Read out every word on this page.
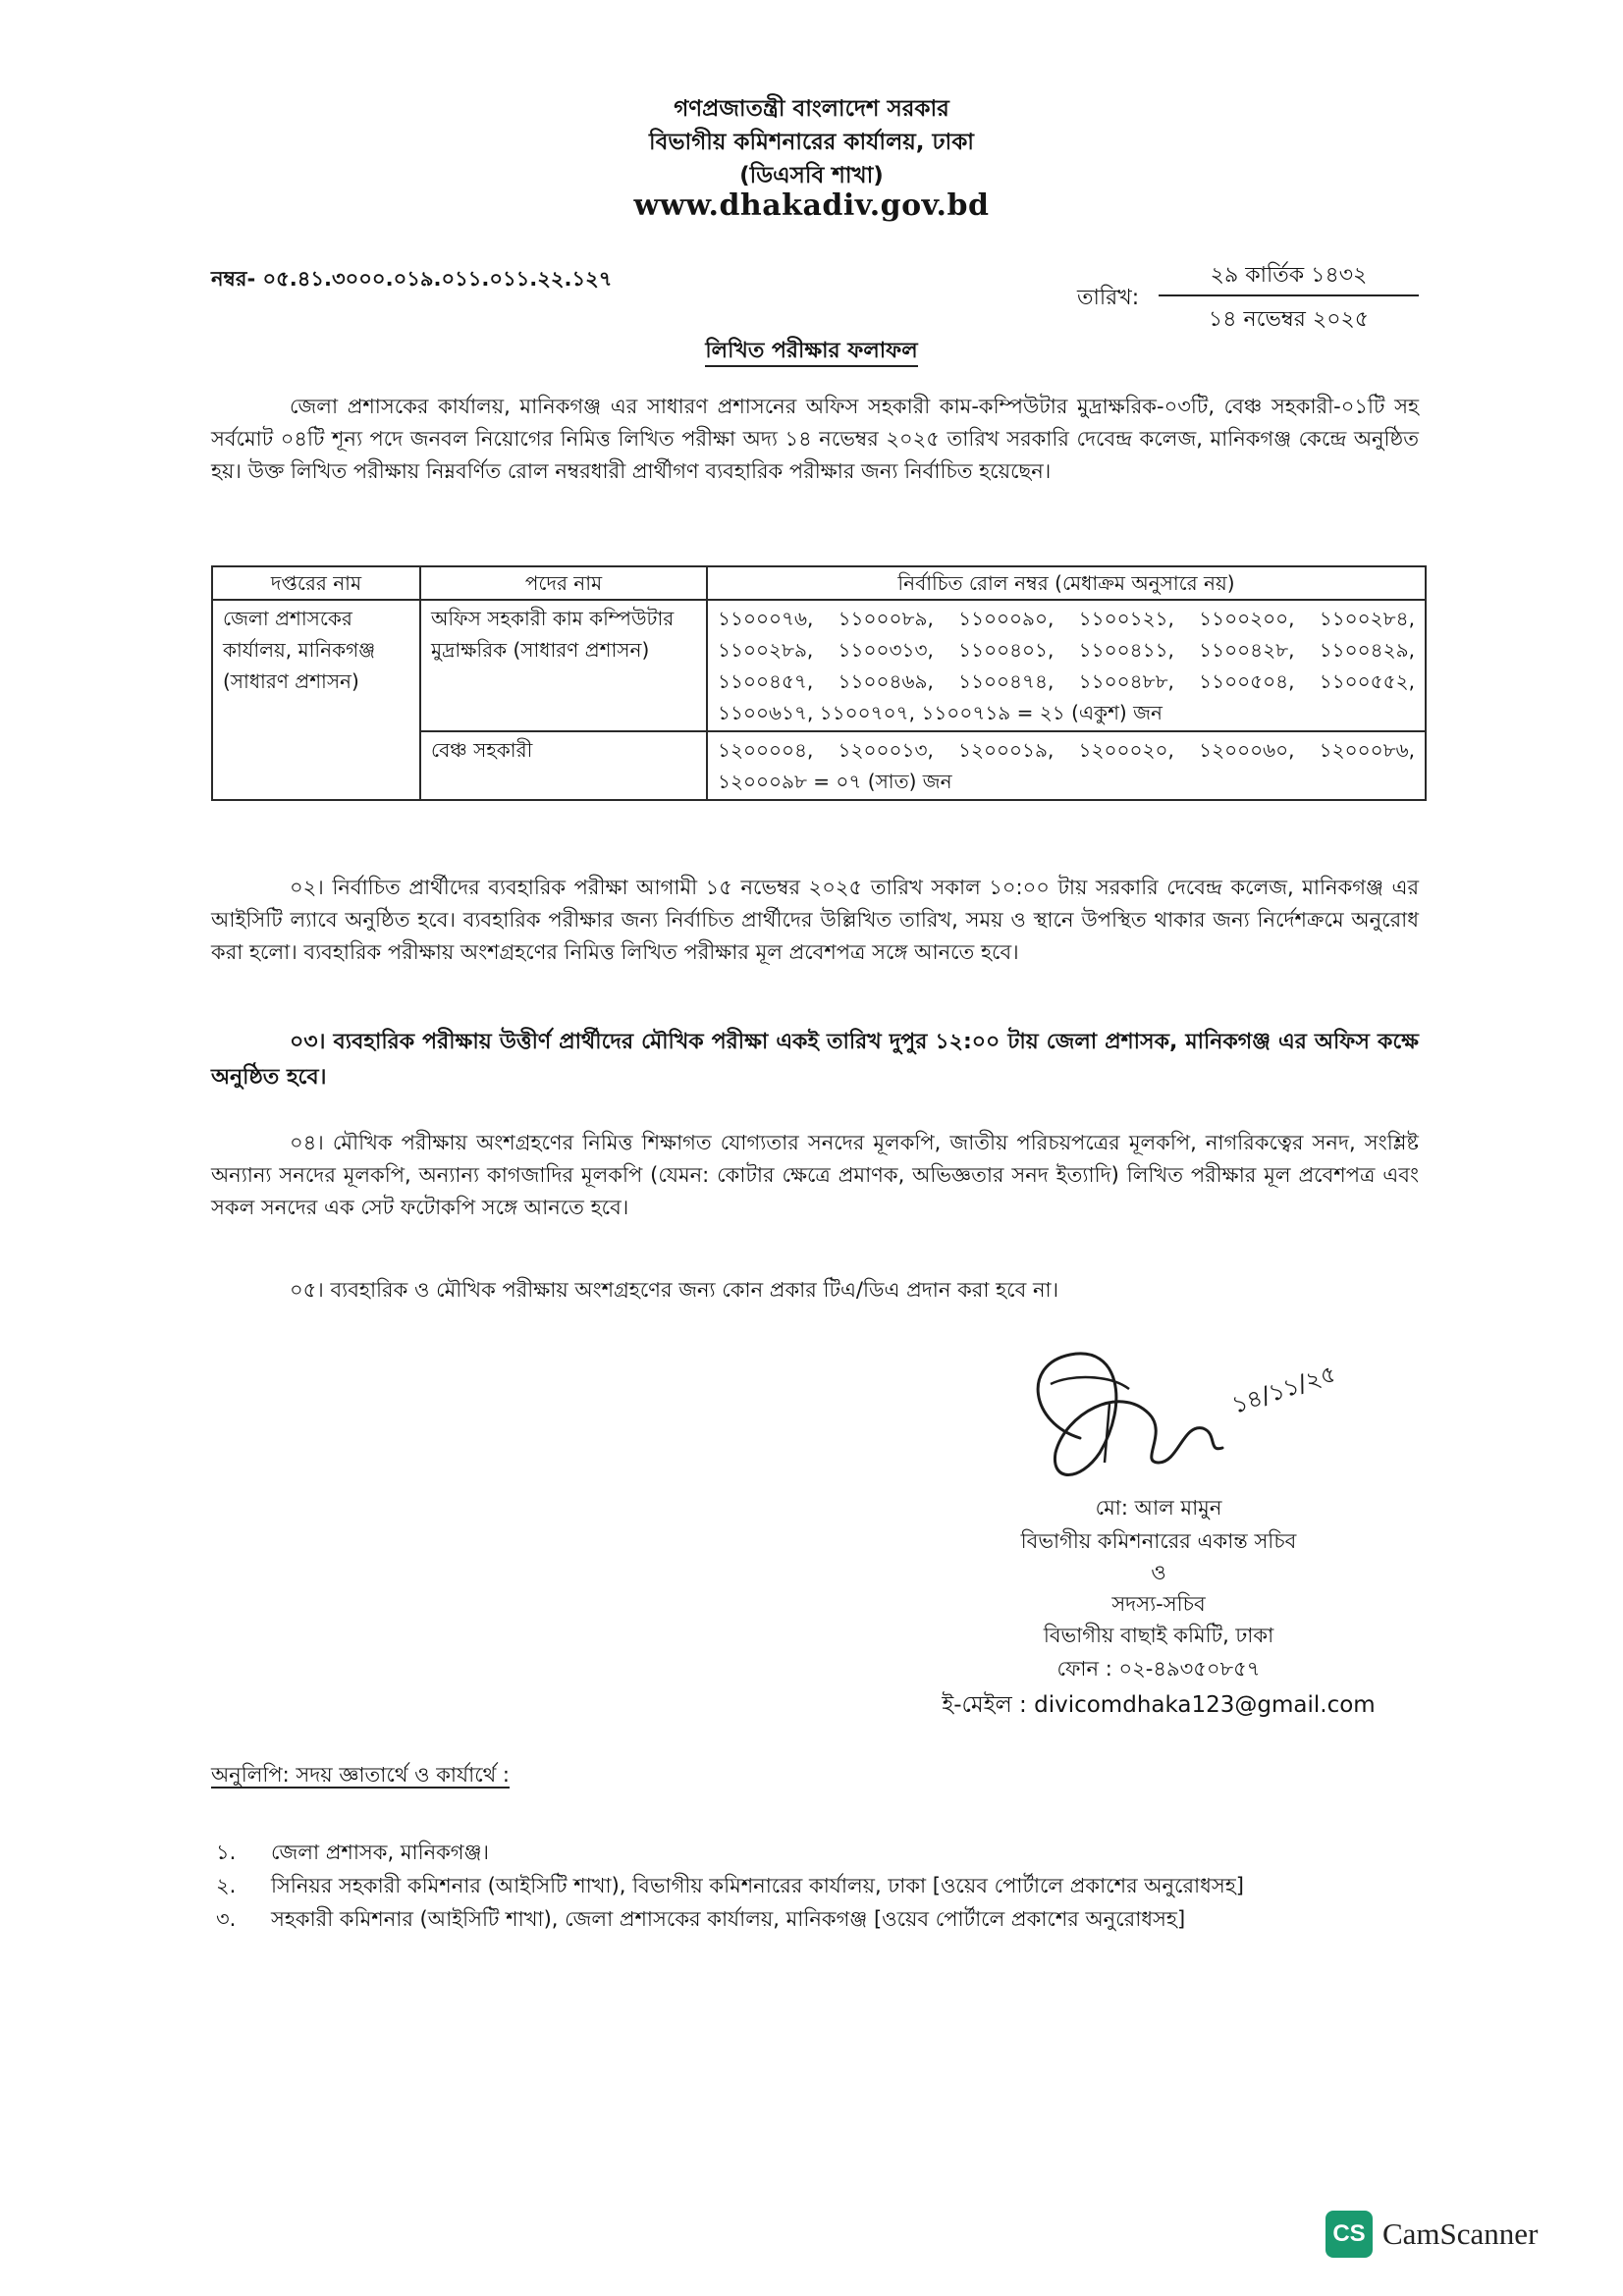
গণপ্রজাতন্ত্রী বাংলাদেশ সরকার
বিভাগীয় কমিশনারের কার্যালয়, ঢাকা
(ডিএসবি শাখা)
www.dhakadiv.gov.bd
নম্বর- ০৫.৪১.৩০০০.০১৯.০১১.০১১.২২.১২৭
তারিখ:
২৯ কার্তিক ১৪৩২
১৪ নভেম্বর ২০২৫
লিখিত পরীক্ষার ফলাফল
জেলা প্রশাসকের কার্যালয়, মানিকগঞ্জ এর সাধারণ প্রশাসনের অফিস সহকারী কাম-কম্পিউটার মুদ্রাক্ষরিক-০৩টি, বেঞ্চ সহকারী-০১টি সহ সর্বমোট ০৪টি শূন্য পদে জনবল নিয়োগের নিমিত্ত লিখিত পরীক্ষা অদ্য ১৪ নভেম্বর ২০২৫ তারিখ সরকারি দেবেন্দ্র কলেজ, মানিকগঞ্জ কেন্দ্রে অনুষ্ঠিত হয়। উক্ত লিখিত পরীক্ষায় নিম্নবর্ণিত রোল নম্বরধারী প্রার্থীগণ ব্যবহারিক পরীক্ষার জন্য নির্বাচিত হয়েছেন।
দপ্তরের নাম	পদের নাম	নির্বাচিত রোল নম্বর (মেধাক্রম অনুসারে নয়)
জেলা প্রশাসকের কার্যালয়, মানিকগঞ্জ (সাধারণ প্রশাসন)	অফিস সহকারী কাম কম্পিউটার মুদ্রাক্ষরিক (সাধারণ প্রশাসন)	১১০০০৭৬, ১১০০০৮৯, ১১০০০৯০, ১১০০১২১, ১১০০২০০, ১১০০২৮৪, ১১০০২৮৯, ১১০০৩১৩, ১১০০৪০১, ১১০০৪১১, ১১০০৪২৮, ১১০০৪২৯, ১১০০৪৫৭, ১১০০৪৬৯, ১১০০৪৭৪, ১১০০৪৮৮, ১১০০৫০৪, ১১০০৫৫২, ১১০০৬১৭, ১১০০৭০৭, ১১০০৭১৯ = ২১ (একুশ) জন
	বেঞ্চ সহকারী	১২০০০০৪, ১২০০০১৩, ১২০০০১৯, ১২০০০২০, ১২০০০৬০, ১২০০০৮৬, ১২০০০৯৮ = ০৭ (সাত) জন
০২। নির্বাচিত প্রার্থীদের ব্যবহারিক পরীক্ষা আগামী ১৫ নভেম্বর ২০২৫ তারিখ সকাল ১০:০০ টায় সরকারি দেবেন্দ্র কলেজ, মানিকগঞ্জ এর আইসিটি ল্যাবে অনুষ্ঠিত হবে। ব্যবহারিক পরীক্ষার জন্য নির্বাচিত প্রার্থীদের উল্লিখিত তারিখ, সময় ও স্থানে উপস্থিত থাকার জন্য নির্দেশক্রমে অনুরোধ করা হলো। ব্যবহারিক পরীক্ষায় অংশগ্রহণের নিমিত্ত লিখিত পরীক্ষার মূল প্রবেশপত্র সঙ্গে আনতে হবে।
০৩। ব্যবহারিক পরীক্ষায় উত্তীর্ণ প্রার্থীদের মৌখিক পরীক্ষা একই তারিখ দুপুর ১২:০০ টায় জেলা প্রশাসক, মানিকগঞ্জ এর অফিস কক্ষে অনুষ্ঠিত হবে।
০৪। মৌখিক পরীক্ষায় অংশগ্রহণের নিমিত্ত শিক্ষাগত যোগ্যতার সনদের মূলকপি, জাতীয় পরিচয়পত্রের মূলকপি, নাগরিকত্বের সনদ, সংশ্লিষ্ট অন্যান্য সনদের মূলকপি, অন্যান্য কাগজাদির মূলকপি (যেমন: কোটার ক্ষেত্রে প্রমাণক, অভিজ্ঞতার সনদ ইত্যাদি) লিখিত পরীক্ষার মূল প্রবেশপত্র এবং সকল সনদের এক সেট ফটোকপি সঙ্গে আনতে হবে।
০৫। ব্যবহারিক ও মৌখিক পরীক্ষায় অংশগ্রহণের জন্য কোন প্রকার টিএ/ডিএ প্রদান করা হবে না।
১৪/১১/২৫
মো: আল মামুন
বিভাগীয় কমিশনারের একান্ত সচিব
ও
সদস্য-সচিব
বিভাগীয় বাছাই কমিটি, ঢাকা
ফোন : ০২-৪৯৩৫০৮৫৭
ই-মেইল : divicomdhaka123@gmail.com
অনুলিপি: সদয় জ্ঞাতার্থে ও কার্যার্থে :
১.	জেলা প্রশাসক, মানিকগঞ্জ।
২.	সিনিয়র সহকারী কমিশনার (আইসিটি শাখা), বিভাগীয় কমিশনারের কার্যালয়, ঢাকা [ওয়েব পোর্টালে প্রকাশের অনুরোধসহ]
৩.	সহকারী কমিশনার (আইসিটি শাখা), জেলা প্রশাসকের কার্যালয়, মানিকগঞ্জ [ওয়েব পোর্টালে প্রকাশের অনুরোধসহ]
CS CamScanner
